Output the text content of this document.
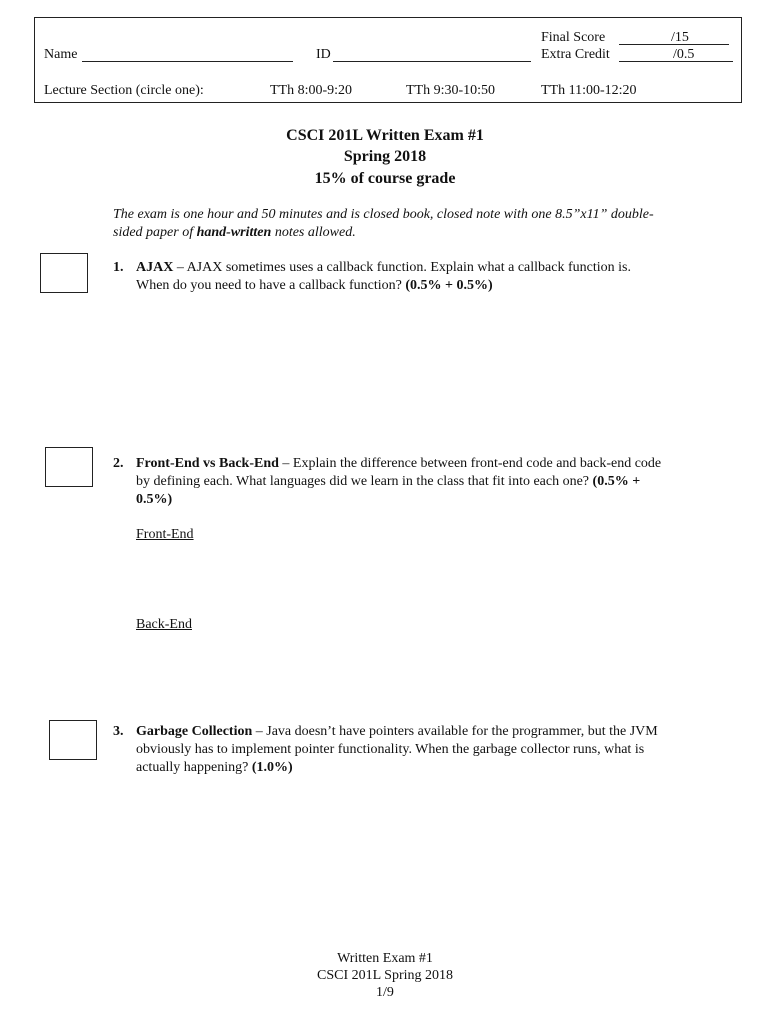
Name	ID
Final Score	/15
Extra Credit	/0.5
Lecture Section (circle one):	TTh 8:00-9:20	TTh 9:30-10:50	TTh 11:00-12:20
CSCI 201L Written Exam #1
Spring 2018
15% of course grade
The exam is one hour and 50 minutes and is closed book, closed note with one 8.5”x11” double-sided paper of hand-written notes allowed.
1. AJAX – AJAX sometimes uses a callback function. Explain what a callback function is. When do you need to have a callback function? (0.5% + 0.5%)
2. Front-End vs Back-End – Explain the difference between front-end code and back-end code by defining each. What languages did we learn in the class that fit into each one? (0.5% + 0.5%)
Front-End
Back-End
3. Garbage Collection – Java doesn’t have pointers available for the programmer, but the JVM obviously has to implement pointer functionality. When the garbage collector runs, what is actually happening? (1.0%)
Written Exam #1
CSCI 201L Spring 2018
1/9
